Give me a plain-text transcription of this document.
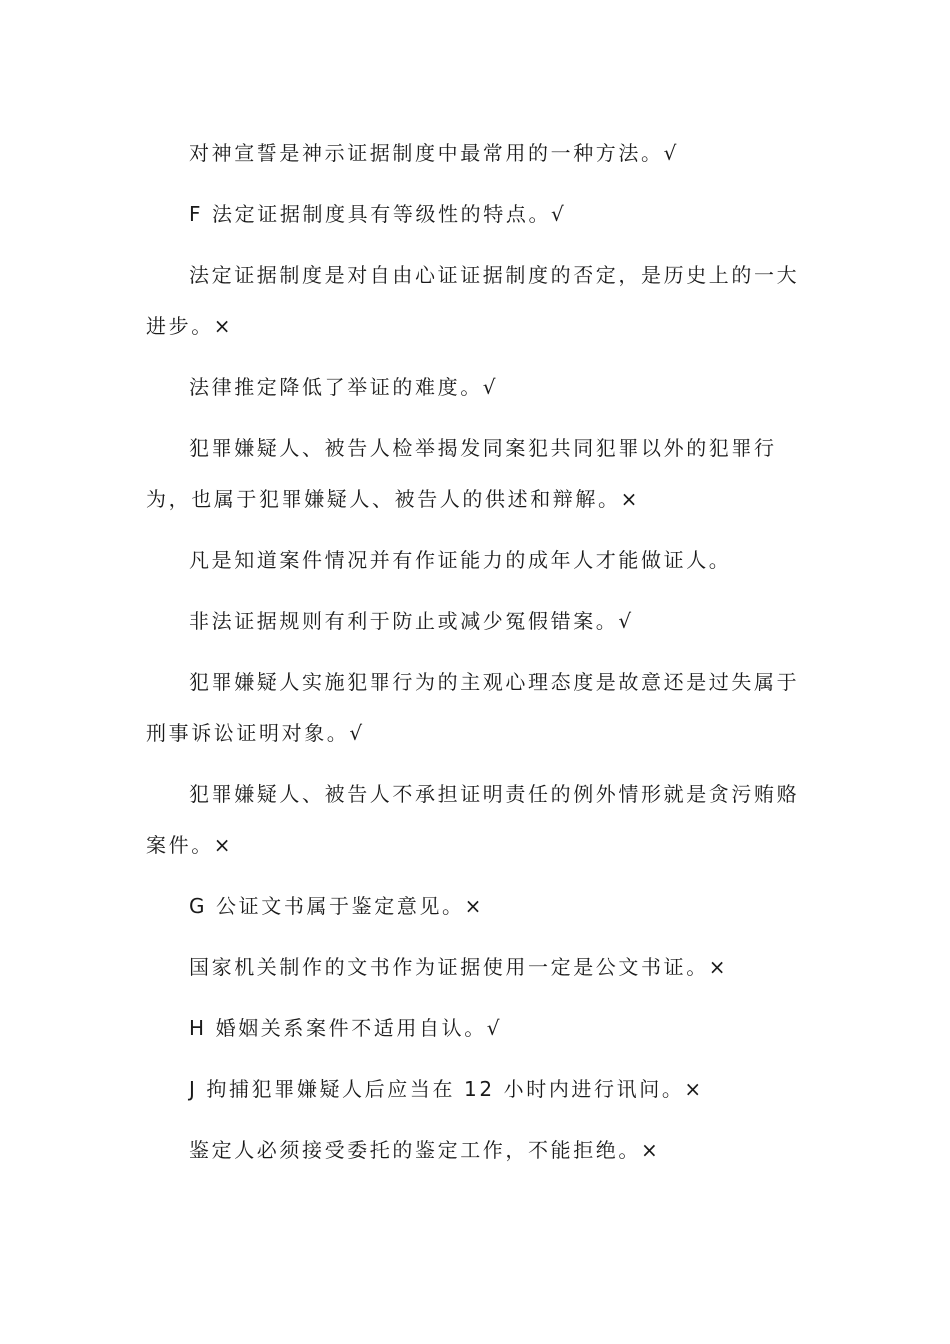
对神宣誓是神示证据制度中最常用的一种方法。√

F 法定证据制度具有等级性的特点。√

法定证据制度是对自由心证证据制度的否定，是历史上的一大进步。×

法律推定降低了举证的难度。√

犯罪嫌疑人、被告人检举揭发同案犯共同犯罪以外的犯罪行为，也属于犯罪嫌疑人、被告人的供述和辩解。×

凡是知道案件情况并有作证能力的成年人才能做证人。

非法证据规则有利于防止或减少冤假错案。√

犯罪嫌疑人实施犯罪行为的主观心理态度是故意还是过失属于刑事诉讼证明对象。√

犯罪嫌疑人、被告人不承担证明责任的例外情形就是贪污贿赂案件。×

G 公证文书属于鉴定意见。×

国家机关制作的文书作为证据使用一定是公文书证。×

H 婚姻关系案件不适用自认。√

J 拘捕犯罪嫌疑人后应当在 12 小时内进行讯问。×

鉴定人必须接受委托的鉴定工作，不能拒绝。×
